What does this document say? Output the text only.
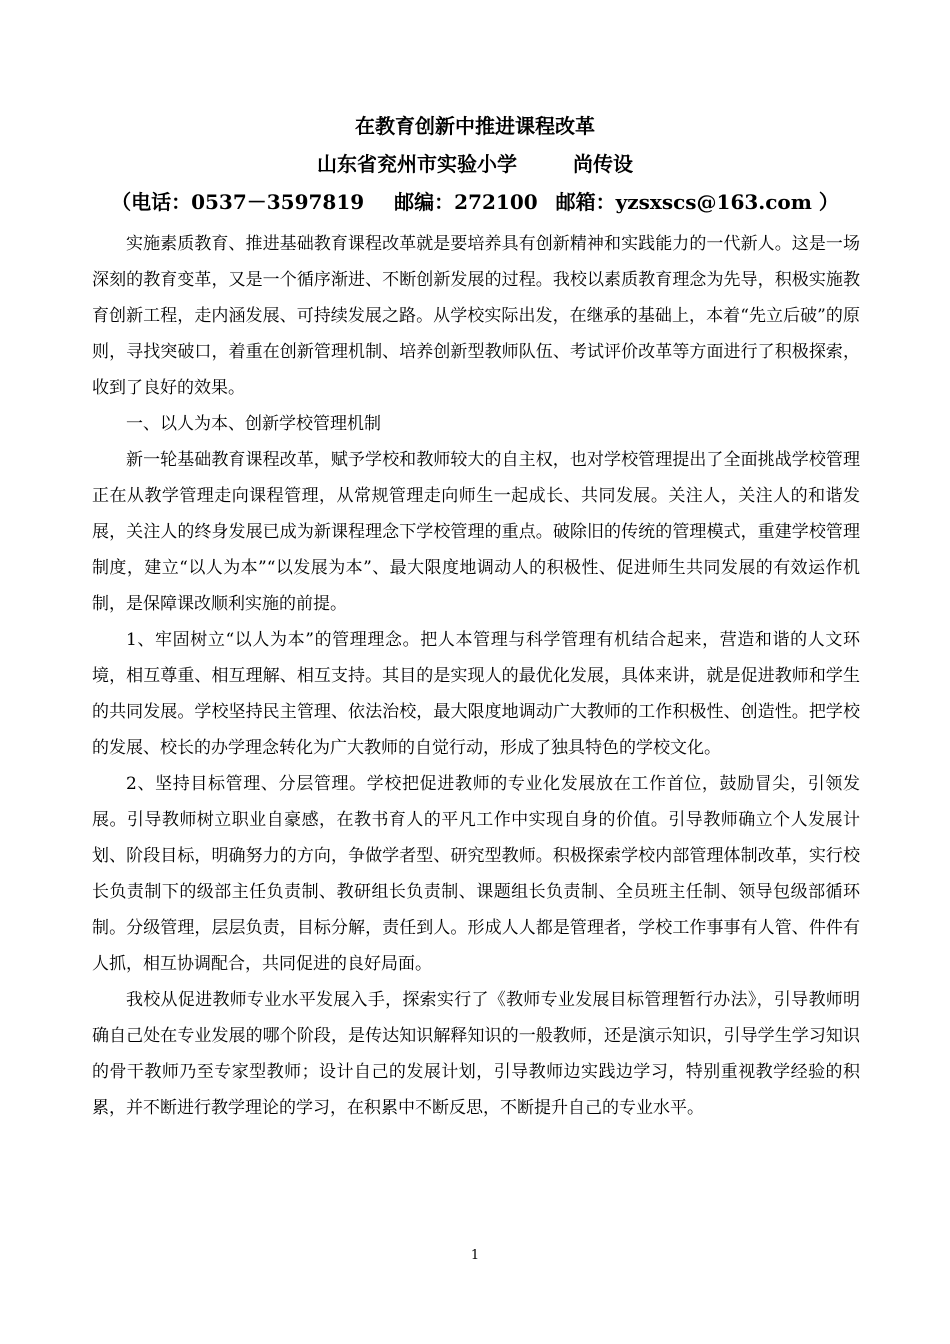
在教育创新中推进课程改革
山东省兖州市实验小学	尚传设
（电话：0537－3597819 邮编：272100 邮箱：yzsxscs@163.com ）

实施素质教育、推进基础教育课程改革就是要培养具有创新精神和实践能力的一代新人。这是一场深刻的教育变革，又是一个循序渐进、不断创新发展的过程。我校以素质教育理念为先导，积极实施教育创新工程，走内涵发展、可持续发展之路。从学校实际出发，在继承的基础上，本着“先立后破”的原则，寻找突破口，着重在创新管理机制、培养创新型教师队伍、考试评价改革等方面进行了积极探索，收到了良好的效果。

一、以人为本、创新学校管理机制

新一轮基础教育课程改革，赋予学校和教师较大的自主权，也对学校管理提出了全面挑战学校管理正在从教学管理走向课程管理，从常规管理走向师生一起成长、共同发展。关注人，关注人的和谐发展，关注人的终身发展已成为新课程理念下学校管理的重点。破除旧的传统的管理模式，重建学校管理制度，建立“以人为本”“以发展为本”、最大限度地调动人的积极性、促进师生共同发展的有效运作机制，是保障课改顺利实施的前提。

1、牢固树立“以人为本”的管理理念。把人本管理与科学管理有机结合起来，营造和谐的人文环境，相互尊重、相互理解、相互支持。其目的是实现人的最优化发展，具体来讲，就是促进教师和学生的共同发展。学校坚持民主管理、依法治校，最大限度地调动广大教师的工作积极性、创造性。把学校的发展、校长的办学理念转化为广大教师的自觉行动，形成了独具特色的学校文化。

2、坚持目标管理、分层管理。学校把促进教师的专业化发展放在工作首位，鼓励冒尖，引领发展。引导教师树立职业自豪感，在教书育人的平凡工作中实现自身的价值。引导教师确立个人发展计划、阶段目标，明确努力的方向，争做学者型、研究型教师。积极探索学校内部管理体制改革，实行校长负责制下的级部主任负责制、教研组长负责制、课题组长负责制、全员班主任制、领导包级部循环制。分级管理，层层负责，目标分解，责任到人。形成人人都是管理者，学校工作事事有人管、件件有人抓，相互协调配合，共同促进的良好局面。

我校从促进教师专业水平发展入手，探索实行了《教师专业发展目标管理暂行办法》，引导教师明确自己处在专业发展的哪个阶段，是传达知识解释知识的一般教师，还是演示知识，引导学生学习知识的骨干教师乃至专家型教师；设计自己的发展计划，引导教师边实践边学习，特别重视教学经验的积累，并不断进行教学理论的学习，在积累中不断反思，不断提升自己的专业水平。

1
